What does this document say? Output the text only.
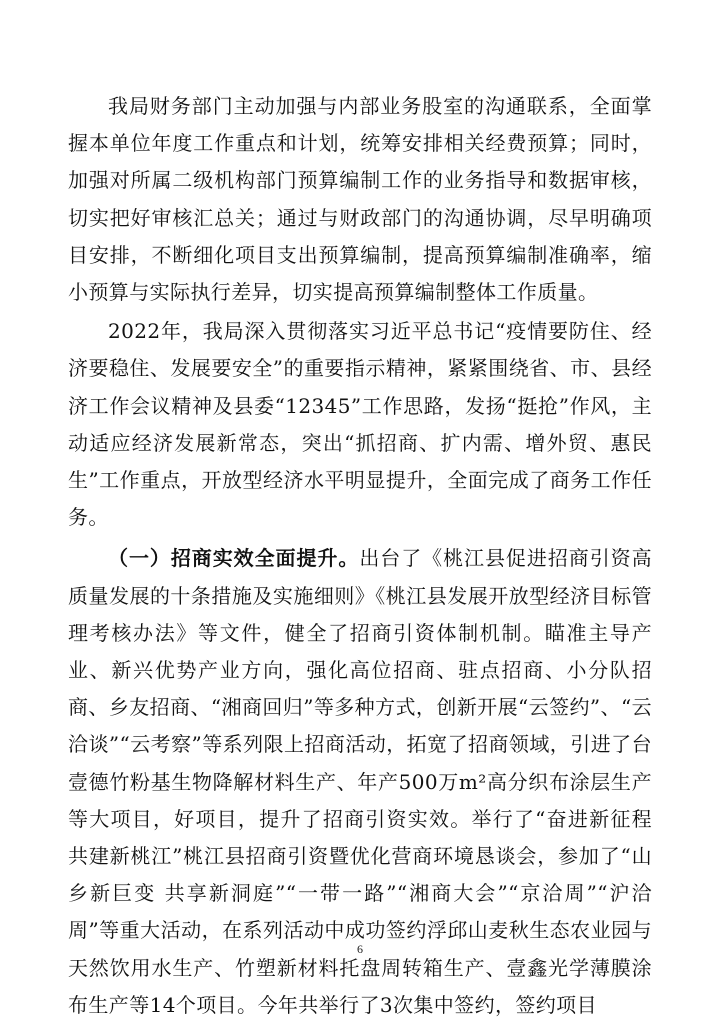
我局财务部门主动加强与内部业务股室的沟通联系，全面掌握本单位年度工作重点和计划，统筹安排相关经费预算；同时，加强对所属二级机构部门预算编制工作的业务指导和数据审核，切实把好审核汇总关；通过与财政部门的沟通协调，尽早明确项目安排，不断细化项目支出预算编制，提高预算编制准确率，缩小预算与实际执行差异，切实提高预算编制整体工作质量。

2022年，我局深入贯彻落实习近平总书记“疫情要防住、经济要稳住、发展要安全”的重要指示精神，紧紧围绕省、市、县经济工作会议精神及县委“12345”工作思路，发扬“挺抢”作风，主动适应经济发展新常态，突出“抓招商、扩内需、增外贸、惠民生”工作重点，开放型经济水平明显提升，全面完成了商务工作任务。

（一）招商实效全面提升。出台了《桃江县促进招商引资高质量发展的十条措施及实施细则》《桃江县发展开放型经济目标管理考核办法》等文件，健全了招商引资体制机制。瞄准主导产业、新兴优势产业方向，强化高位招商、驻点招商、小分队招商、乡友招商、“湘商回归”等多种方式，创新开展“云签约”、“云洽谈”“云考察”等系列限上招商活动，拓宽了招商领域，引进了台壹德竹粉基生物降解材料生产、年产500万m²高分织布涂层生产等大项目，好项目，提升了招商引资实效。举行了“奋进新征程 共建新桃江”桃江县招商引资暨优化营商环境恳谈会，参加了“山乡新巨变 共享新洞庭”“一带一路”“湘商大会”“京洽周”“沪洽周”等重大活动，在系列活动中成功签约浮邱山麦秋生态农业园与天然饮用水生产、竹塑新材料托盘周转箱生产、壹鑫光学薄膜涂布生产等14个项目。今年共举行了3次集中签约，签约项目

6
